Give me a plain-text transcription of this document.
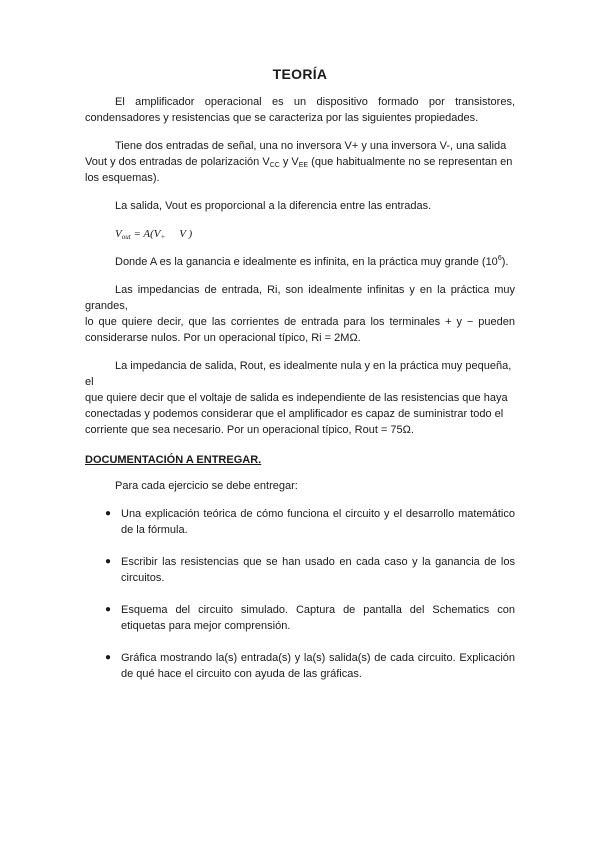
TEORÍA
El amplificador operacional es un dispositivo formado por transistores, condensadores y resistencias que se caracteriza por las siguientes propiedades.
Tiene dos entradas de señal, una no inversora V+ y una inversora V-, una salida Vout y dos entradas de polarización $V_{CC}$ y $V_{EE}$ (que habitualmente no se representan en los esquemas).
La salida, Vout es proporcional a la diferencia entre las entradas.
$V_{out} = A(V_+$ V )
Donde A es la ganancia e idealmente es infinita, en la práctica muy grande $(10^6)$.
Las impedancias de entrada, Ri, son idealmente infinitas y en la práctica muy grandes,
lo que quiere decir, que las corrientes de entrada para los terminales + y − pueden considerarse nulos. Por un operacional típico, Ri = 2MΩ.
La impedancia de salida, Rout, es idealmente nula y en la práctica muy pequeña, el
que quiere decir que el voltaje de salida es independiente de las resistencias que haya conectadas y podemos considerar que el amplificador es capaz de suministrar todo el corriente que sea necesario. Por un operacional típico, Rout = 75Ω.
DOCUMENTACIÓN A ENTREGAR.
Para cada ejercicio se debe entregar:
● Una explicación teórica de cómo funciona el circuito y el desarrollo matemático de la fórmula.
● Escribir las resistencias que se han usado en cada caso y la ganancia de los circuitos.
● Esquema del circuito simulado. Captura de pantalla del Schematics con etiquetas para mejor comprensión.
● Gráfica mostrando la(s) entrada(s) y la(s) salida(s) de cada circuito. Explicación de qué hace el circuito con ayuda de las gráficas.
